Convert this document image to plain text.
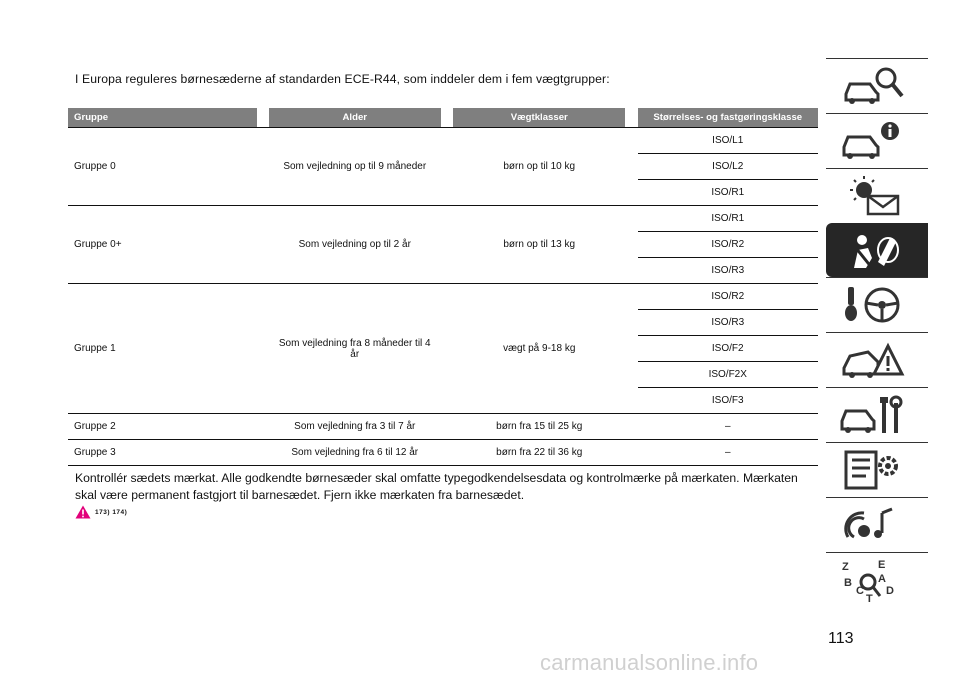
I Europa reguleres børnesæderne af standarden ECE-R44, som inddeler dem i fem vægtgrupper:
Gruppe		Alder		Vægtklasser		Størrelses- og fastgøringsklasse
Gruppe 0		Som vejledning op til 9 måneder		børn op til 10 kg		ISO/L1
						ISO/L2
						ISO/R1
Gruppe 0+		Som vejledning op til 2 år		børn op til 13 kg		ISO/R1
						ISO/R2
						ISO/R3
Gruppe 1		Som vejledning fra 8 måneder til 4 år		vægt på 9-18 kg		ISO/R2
						ISO/R3
						ISO/F2
						ISO/F2X
						ISO/F3
Gruppe 2		Som vejledning fra 3 til 7 år		børn fra 15 til 25 kg		–
Gruppe 3		Som vejledning fra 6 til 12 år		børn fra 22 til 36 kg		–
Kontrollér sædets mærkat. Alle godkendte børnesæder skal omfatte typegodkendelsesdata og kontrolmærke på mærkaten. Mærkaten skal være permanent fastgjort til barnesædet. Fjern ikke mærkaten fra barnesædet.
173) 174)
Z	E
B A
C D
T
113
carmanualsonline.info
